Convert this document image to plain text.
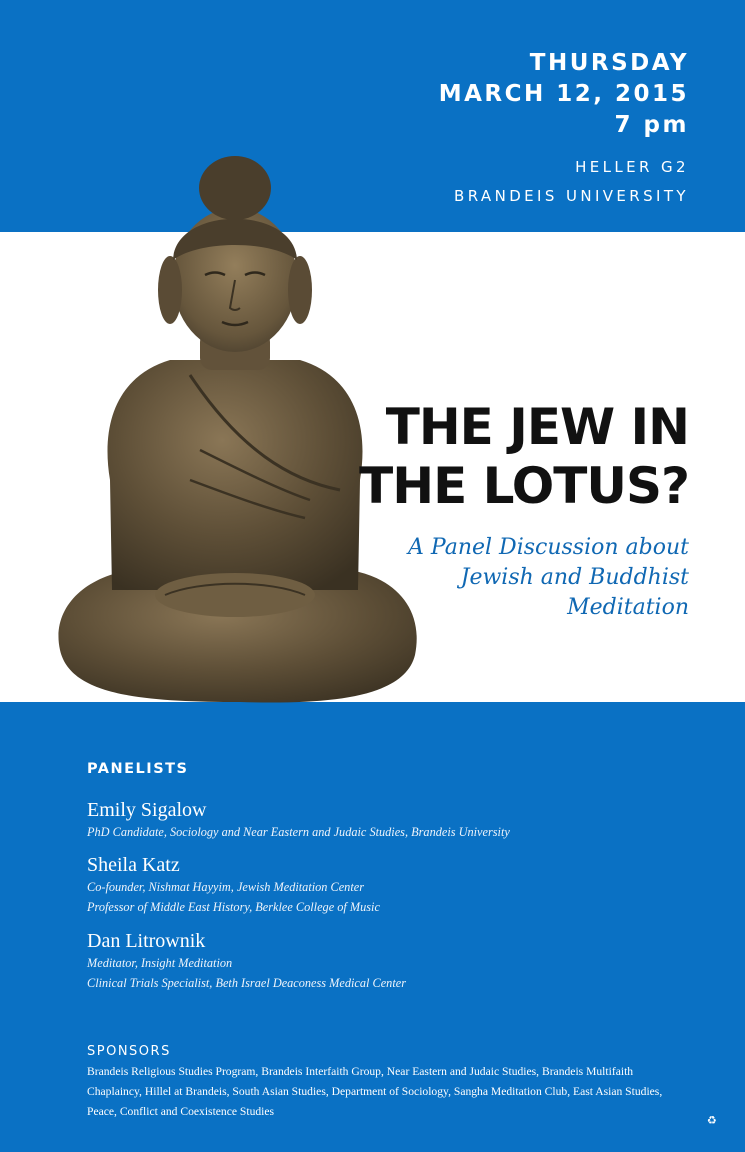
THURSDAY
MARCH 12, 2015
7 pm
HELLER G2
BRANDEIS UNIVERSITY
THE JEW IN
THE LOTUS?
A Panel Discussion about
Jewish and Buddhist
Meditation
PANELISTS
Emily Sigalow
PhD Candidate, Sociology and Near Eastern and Judaic Studies, Brandeis University
Sheila Katz
Co-founder, Nishmat Hayyim, Jewish Meditation Center
Professor of Middle East History, Berklee College of Music
Dan Litrownik
Meditator, Insight Meditation
Clinical Trials Specialist, Beth Israel Deaconess Medical Center
SPONSORS
Brandeis Religious Studies Program, Brandeis Interfaith Group, Near Eastern and Judaic Studies, Brandeis Multifaith Chaplaincy, Hillel at Brandeis, South Asian Studies, Department of Sociology, Sangha Meditation Club, East Asian Studies, Peace, Conflict and Coexistence Studies
♻
